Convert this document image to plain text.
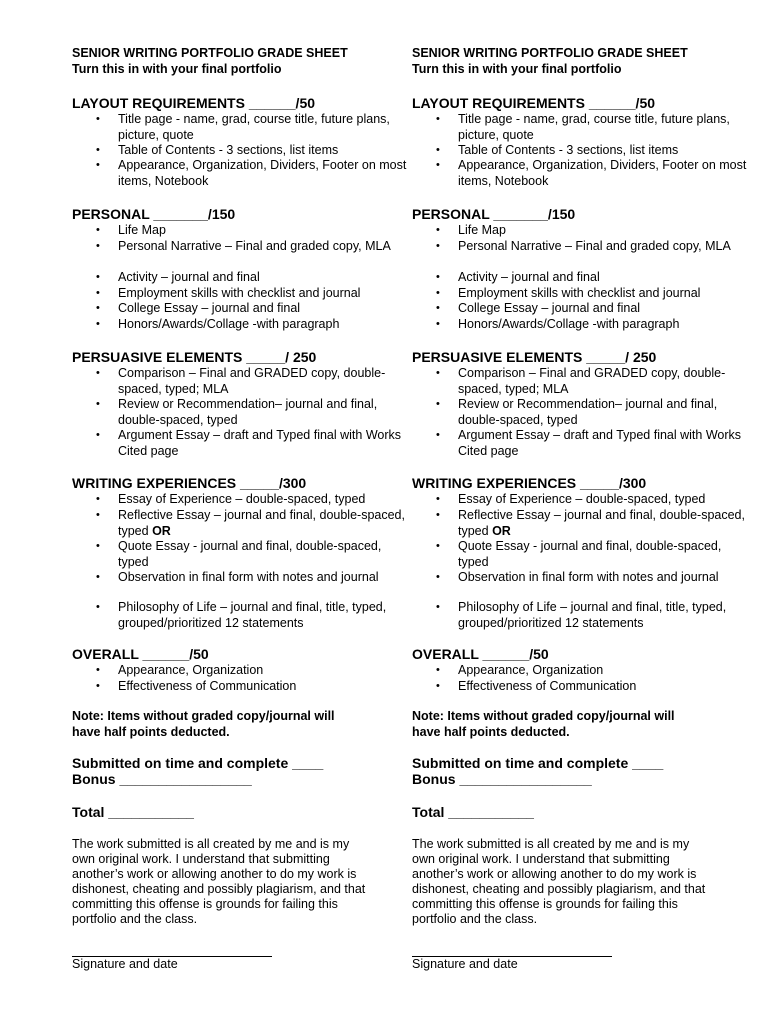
SENIOR WRITING PORTFOLIO GRADE SHEET
Turn this in with your final portfolio
LAYOUT REQUIREMENTS ______/50
• Title page - name, grad, course title, future plans, picture, quote
• Table of Contents - 3 sections, list items
• Appearance, Organization, Dividers, Footer on most items, Notebook
PERSONAL _______/150
• Life Map
• Personal Narrative – Final and graded copy, MLA
• Activity – journal and final
• Employment skills with checklist and journal
• College Essay – journal and final
• Honors/Awards/Collage -with paragraph
PERSUASIVE ELEMENTS _____/ 250
• Comparison – Final and GRADED copy, double-spaced, typed; MLA
• Review or Recommendation– journal and final, double-spaced, typed
• Argument Essay – draft and Typed final with Works Cited page
WRITING EXPERIENCES _____/300
• Essay of Experience – double-spaced, typed
• Reflective Essay – journal and final, double-spaced, typed OR
• Quote Essay - journal and final, double-spaced, typed
• Observation in final form with notes and journal
• Philosophy of Life – journal and final, title, typed, grouped/prioritized 12 statements
OVERALL ______/50
• Appearance, Organization
• Effectiveness of Communication
Note: Items without graded copy/journal will have half points deducted.
Submitted on time and complete ____
Bonus _________________
Total ___________
The work submitted is all created by me and is my own original work. I understand that submitting another’s work or allowing another to do my work is dishonest, cheating and possibly plagiarism, and that committing this offense is grounds for failing this portfolio and the class.
Signature and date
SENIOR WRITING PORTFOLIO GRADE SHEET
Turn this in with your final portfolio
LAYOUT REQUIREMENTS ______/50
• Title page - name, grad, course title, future plans, picture, quote
• Table of Contents - 3 sections, list items
• Appearance, Organization, Dividers, Footer on most items, Notebook
PERSONAL _______/150
• Life Map
• Personal Narrative – Final and graded copy, MLA
• Activity – journal and final
• Employment skills with checklist and journal
• College Essay – journal and final
• Honors/Awards/Collage -with paragraph
PERSUASIVE ELEMENTS _____/ 250
• Comparison – Final and GRADED copy, double-spaced, typed; MLA
• Review or Recommendation– journal and final, double-spaced, typed
• Argument Essay – draft and Typed final with Works Cited page
WRITING EXPERIENCES _____/300
• Essay of Experience – double-spaced, typed
• Reflective Essay – journal and final, double-spaced, typed OR
• Quote Essay - journal and final, double-spaced, typed
• Observation in final form with notes and journal
• Philosophy of Life – journal and final, title, typed, grouped/prioritized 12 statements
OVERALL ______/50
• Appearance, Organization
• Effectiveness of Communication
Note: Items without graded copy/journal will have half points deducted.
Submitted on time and complete ____
Bonus _________________
Total ___________
The work submitted is all created by me and is my own original work. I understand that submitting another’s work or allowing another to do my work is dishonest, cheating and possibly plagiarism, and that committing this offense is grounds for failing this portfolio and the class.
Signature and date
